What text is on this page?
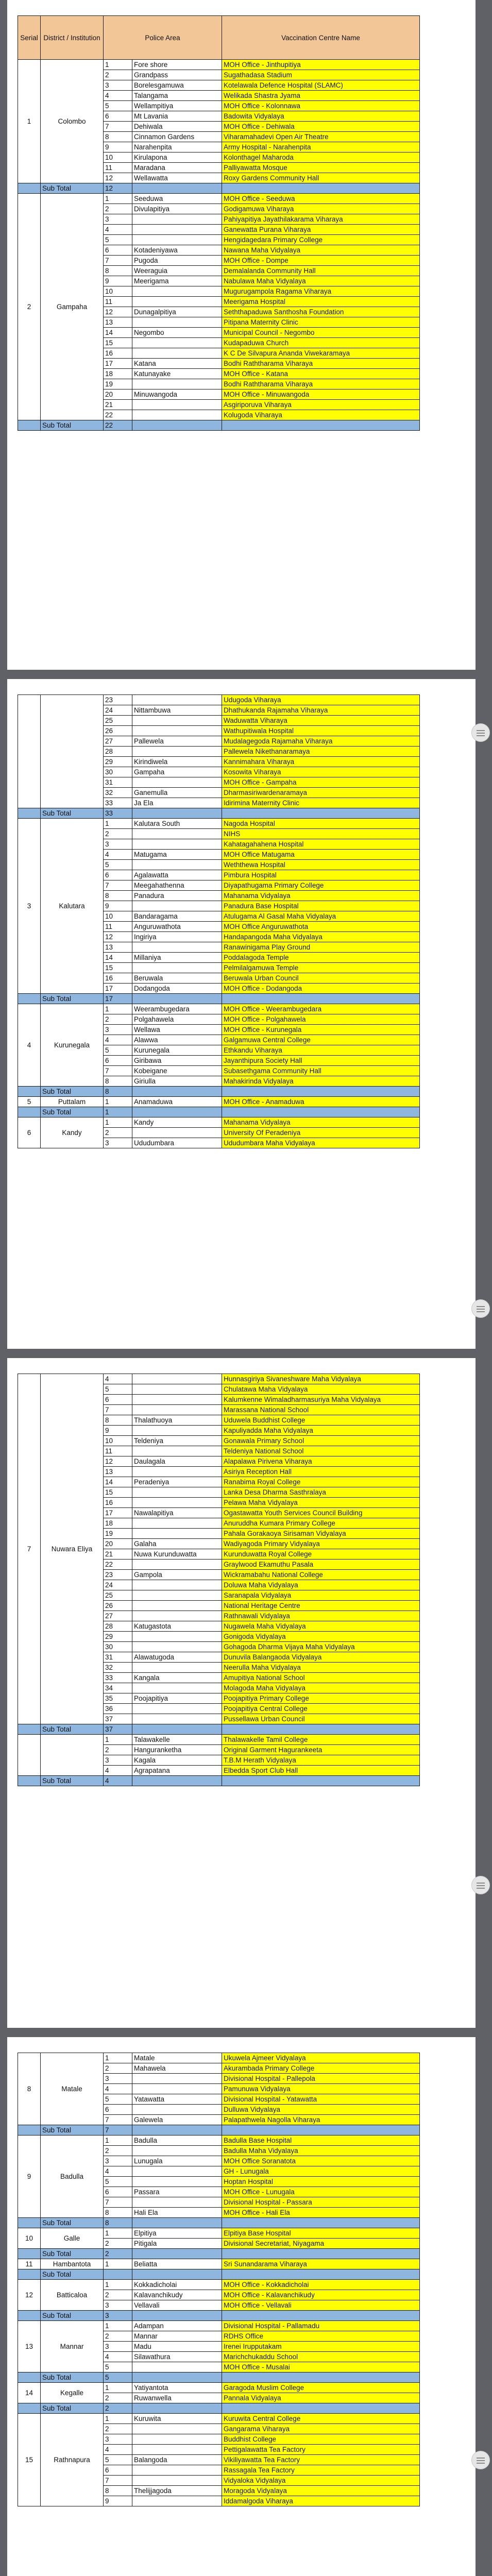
Serial	District / Institution	Police Area		Vaccination Centre Name
1	Colombo	1	Fore shore	MOH Office - Jinthupitiya
		2	Grandpass	Sugathadasa Stadium
		3	Borelesgamuwa	Kotelawala Defence Hospital (SLAMC)
		4	Talangama	Welikada Shastra Jyama
		5	Wellampitiya	MOH Office - Kolonnawa
		6	Mt Lavania	Badowita Vidyalaya
		7	Dehiwala	MOH Office - Dehiwala
		8	Cinnamon Gardens	Viharamahadevi Open Air Theatre
		9	Narahenpita	Army Hospital - Narahenpita
		10	Kirulapona	Kolonthagel Maharoda
		11	Maradana	Palliyawatta Mosque
		12	Wellawatta	Roxy Gardens Community Hall
	Sub Total	12		
2	Gampaha	1	Seeduwa	MOH Office - Seeduwa
		2	Divulapitiya	Godigamuwa Viharaya
		3		Pahiyapitiya Jayathilakarama Viharaya
		4		Ganewatta Purana Viharaya
		5		Hengidagedara Primary College
		6	Kotadeniyawa	Nawana Maha Vidyalaya
		7	Pugoda	MOH Office - Dompe
		8	Weeraguia	Demalalanda Community Hall
		9	Meerigama	Nabulawa Maha Vidyalaya
		10		Mugurugampola Ragama Viharaya
		11		Meerigama Hospital
		12	Dunagalpitiya	Seththapaduwa Santhosha Foundation
		13		Pitipana Maternity Clinic
		14	Negombo	Municipal Council - Negombo
		15		Kudapaduwa Church
		16		K C De Silvapura Ananda Viwekaramaya
		17	Katana	Bodhi Raththarama Viharaya
		18	Katunayake	MOH Office - Katana
		19		Bodhi Raththarama Viharaya
		20	Minuwangoda	MOH Office - Minuwangoda
		21		Asgiriporuva Viharaya
		22		Kolugoda Viharaya
	Sub Total	22		
		23		Udugoda Viharaya
		24	Nittambuwa	Dhathukanda Rajamaha Viharaya
		25		Waduwatta Viharaya
		26		Wathupitiwala Hospital
		27	Pallewela	Mudalagegoda Rajamaha Viharaya
		28		Pallewela Nikethanaramaya
		29	Kirindiwela	Kannimahara Viharaya
		30	Gampaha	Kosowita Viharaya
		31		MOH Office - Gampaha
		32	Ganemulla	Dharmasiriwardenaramaya
		33	Ja Ela	Idirimina Maternity Clinic
	Sub Total	33		
3	Kalutara	1	Kalutara South	Nagoda Hospital
		2		NIHS
		3		Kahatagahahena Hospital
		4	Matugama	MOH Office Matugama
		5		Weththewa Hospital
		6	Agalawatta	Pimbura Hospital
		7	Meegahathenna	Diyapathugama Primary College
		8	Panadura	Mahanama Vidyalaya
		9		Panadura Base Hospital
		10	Bandaragama	Atulugama Al Gasal Maha Vidyalaya
		11	Anguruwathota	MOH Office Anguruwathota
		12	Ingiriya	Handapangoda Maha Vidyalaya
		13		Ranawinigama Play Ground
		14	Millaniya	Poddalagoda Temple
		15		Pelmilalgamuwa Temple
		16	Beruwala	Beruwala Urban Council
		17	Dodangoda	MOH Office - Dodangoda
	Sub Total	17		
4	Kurunegala	1	Weerambugedara	MOH Office - Weerambugedara
		2	Polgahawela	MOH Office - Polgahawela
		3	Wellawa	MOH Office - Kurunegala
		4	Alawwa	Galgamuwa Central College
		5	Kurunegala	Ethkandu Viharaya
		6	Giribawa	Jayanthipura Society Hall
		7	Kobeigane	Subasethgama Community Hall
		8	Giriulla	Mahakirinda Vidyalaya
	Sub Total	8		
5	Puttalam	1	Anamaduwa	MOH Office - Anamaduwa
	Sub Total	1		
6	Kandy	1	Kandy	Mahanama Vidyalaya
		2		University Of Peradeniya
		3	Ududumbara	Ududumbara Maha Vidyalaya
7	Nuwara Eliya	4		Hunnasgiriya Sivaneshware Maha Vidyalaya
		5		Chulatawa Maha Vidyalaya
		6		Kalumkenne Wimaladharmasuriya Maha Vidyalaya
		7		Marassana National School
		8	Thalathuoya	Uduwela Buddhist College
		9		Kapuliyadda Maha Vidyalaya
		10	Teldeniya	Gonawala Primary School
		11		Teldeniya National School
		12	Daulagala	Alapalawa Pirivena Viharaya
		13		Asiriya Reception Hall
		14	Peradeniya	Ranabima Royal College
		15		Lanka Desa Dharma Sasthralaya
		16		Pelawa Maha Vidyalaya
		17	Nawalapitiya	Ogastawatta Youth Services Council Building
		18		Anuruddha Kumara Primary College
		19		Pahala Gorakaoya Sirisaman Vidyalaya
		20	Galaha	Wadiyagoda Primary Vidyalaya
		21	Nuwa Kurunduwatta	Kurunduwatta Royal College
		22		Graylwood Ekamuthu Pasala
		23	Gampola	Wickramabahu National College
		24		Doluwa Maha Vidyalaya
		25		Saranapala Vidyalaya
		26		National Heritage Centre
		27		Rathnawali Vidyalaya
		28	Katugastota	Nugawela Maha Vidyalaya
		29		Gonigoda Vidyalaya
		30		Gohagoda Dharma Vijaya Maha Vidyalaya
		31	Alawatugoda	Dunuvila Balangaoda Vidyalaya
		32		Neerulla Maha Vidyalaya
		33	Kangala	Amupitiya National School
		34		Molagoda Maha Vidyalaya
		35	Poojapitiya	Poojapitiya Primary College
		36		Poojapitiya Central College
		37		Pussellawa Urban Council
	Sub Total	37		
		1	Talawakelle	Thalawakelle Tamil College
		2	Hanguranketha	Original Garment Hagurankeeta
		3	Kagala	T.B.M Herath Vidyalaya
		4	Agrapatana	Elbedda Sport Club Hall
	Sub Total	4		
8	Matale	1	Matale	Ukuwela Ajmeer Vidyalaya
		2	Mahawela	Akurambada Primary College
		3		Divisional Hospital - Pallepola
		4		Pamunuwa Vidyalaya
		5	Yatawatta	Divisional Hospital - Yatawatta
		6		Dulluwa Vidyalaya
		7	Galewela	Palapathwela Nagolla Viharaya
	Sub Total	7		
9	Badulla	1	Badulla	Badulla Base Hospital
		2		Badulla Maha Vidyalaya
		3	Lunugala	MOH Office Soranatota
		4		GH - Lunugala
		5		Hoptan Hospital
		6	Passara	MOH Office - Lunugala
		7		Divisional Hospital - Passara
		8	Hali Ela	MOH Office - Hali Ela
	Sub Total	8		
10	Galle	1	Elpitiya	Elpitiya Base Hospital
		2	Pitigala	Divisional Secretariat, Niyagama
	Sub Total	2		
11	Hambantota	1	Beliatta	Sri Sunandarama Viharaya
	Sub Total			
12	Batticaloa	1	Kokkadicholai	MOH Office - Kokkadicholai
		2	Kalavanchikudy	MOH Office - Kalavanchikudy
		3	Vellavali	MOH Office - Vellavali
	Sub Total	3		
13	Mannar	1	Adampan	Divisional Hospital - Pallamadu
		2	Mannar	RDHS Office
		3	Madu	Irenei Irupputakam
		4	Silawathura	Marichchukaddu School
		5		MOH Office - Musalai
	Sub Total	5		
14	Kegalle	1	Yatiyantota	Garagoda Muslim College
		2	Ruwanwella	Pannala Vidyalaya
	Sub Total	2		
15	Rathnapura	1	Kuruwita	Kuruwita Central College
		2		Gangarama Viharaya
		3		Buddhist College
		4		Pettigalawatta Tea Factory
		5	Balangoda	Vikiliyawatta Tea Factory
		6		Rassagala Tea Factory
		7		Vidyaloka Vidyalaya
		8	Thelijjagoda	Moragoda Vidyalaya
		9		Iddamalgoda Viharaya
